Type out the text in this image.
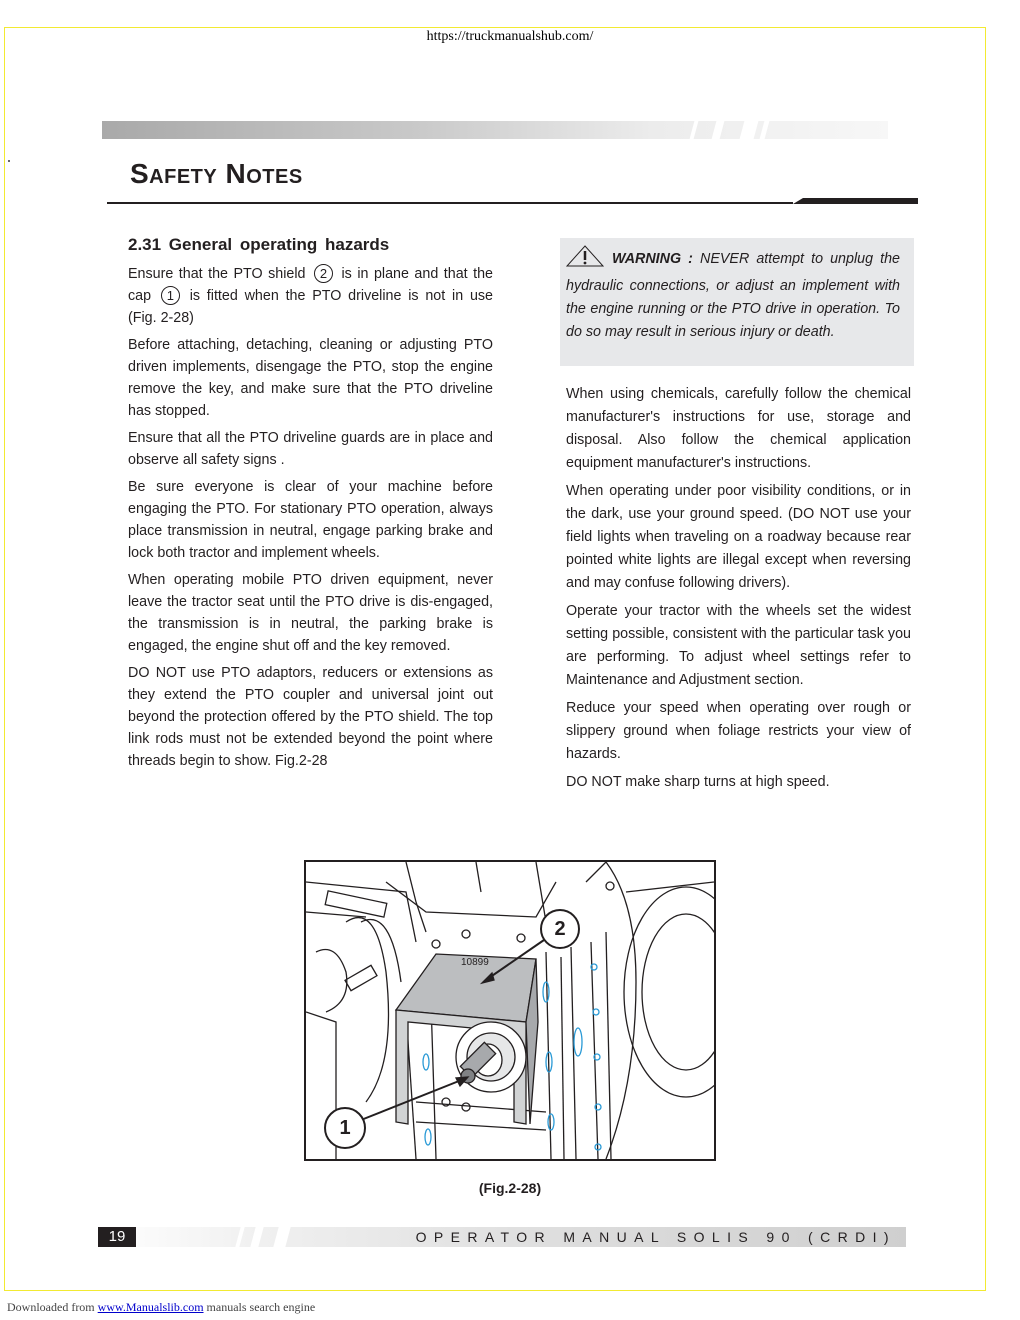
https://truckmanualshub.com/
Safety Notes
2.31 General operating hazards

Ensure that the PTO shield 2 is in plane and that the cap 1 is fitted when the PTO driveline is not in use (Fig. 2-28)

Before attaching, detaching, cleaning or adjusting PTO driven implements, disengage the PTO, stop the engine remove the key, and make sure that the PTO driveline has stopped.

Ensure that all the PTO driveline guards are in place and observe all safety signs .

Be sure everyone is clear of your machine before engaging the PTO. For stationary PTO operation, always place transmission in neutral, engage parking brake and lock both tractor and implement wheels.

When operating mobile PTO driven equipment, never leave the tractor seat until the PTO drive is dis-engaged, the transmission is in neutral, the parking brake is engaged, the engine shut off and the key removed.

DO NOT use PTO adaptors, reducers or extensions as they extend the PTO coupler and universal joint out beyond the protection offered by the PTO shield. The top link rods must not be extended beyond the point where threads begin to show. Fig.2-28

WARNING : NEVER attempt to unplug the hydraulic connections, or adjust an implement with the engine running or the PTO drive in operation. To do so may result in serious injury or death.

When using chemicals, carefully follow the chemical manufacturer's instructions for use, storage and disposal. Also follow the chemical application equipment manufacturer's instructions.

When operating under poor visibility conditions, or in the dark, use your ground speed. (DO NOT use your field lights when traveling on a roadway because rear pointed white lights are illegal except when reversing and may confuse following drivers).

Operate your tractor with the wheels set the widest setting possible, consistent with the particular task you are performing. To adjust wheel settings refer to Maintenance and Adjustment section.

Reduce your speed when operating over rough or slippery ground when foliage restricts your view of hazards.

DO NOT make sharp turns at high speed.

10899
2
1
(Fig.2-28)
19	OPERATOR MANUAL SOLIS 90 (CRDI)
Downloaded from www.Manualslib.com manuals search engine
